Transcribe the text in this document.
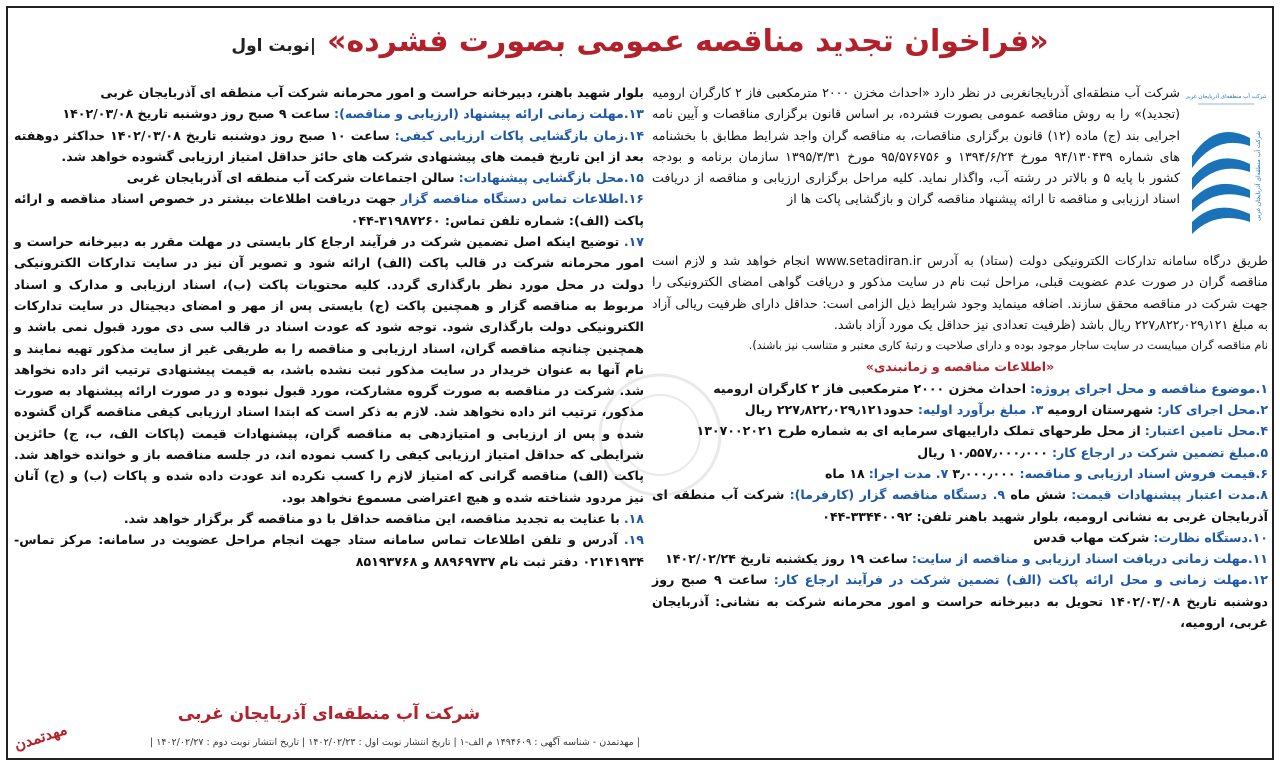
«فراخوان تجدید مناقصه عمومی بصورت فشرده» |نوبت اول
شرکت آب منطقه‌ای آذربایجان غربی
شرکت آب منطقه‌ای آذربایجان غربی

شرکت آب منطقه‌ای آذربایجانغربی در نظر دارد «احداث مخزن ۲۰۰۰ مترمکعبی فاز ۲ کارگران ارومیه (تجدید)» را به روش مناقصه عمومی بصورت فشرده، بر اساس قانون برگزاری مناقصات و آیین نامه اجرایی بند (ج) ماده (۱۲) قانون برگزاری مناقصات، به مناقصه گران واجد شرایط مطابق با بخشنامه های شماره ۹۴/۱۳۰۴۳۹ مورخ ۱۳۹۴/۶/۲۴ و ۹۵/۵۷۶۷۵۶ مورخ ۱۳۹۵/۳/۳۱ سازمان برنامه و بودجه کشور با پایه ۵ و بالاتر در رشته آب، واگذار نماید. کلیه مراحل برگزاری ارزیابی و مناقصه از دریافت اسناد ارزیابی و مناقصه تا ارائه پیشنهاد مناقصه گران و بازگشایی پاکت ها از

طریق درگاه سامانه تدارکات الکترونیکی دولت (ستاد) به آدرس www.setadiran.ir انجام خواهد شد و لازم است مناقصه گران در صورت عدم عضویت قبلی، مراحل ثبت نام در سایت مذکور و دریافت گواهی امضای الکترونیکی را جهت شرکت در مناقصه محقق سازند. اضافه مینماید وجود شرایط ذیل الزامی است: حداقل دارای ظرفیت ریالی آزاد به مبلغ ۲۲۷٫۸۲۲٫۰۲۹٫۱۲۱ ریال باشد (ظرفیت تعدادی نیز حداقل یک مورد آزاد باشد.

نام مناقصه گران میبایست در سایت ساجار موجود بوده و دارای صلاحیت و رتبهٔ کاری معتبر و متناسب نیز باشند).

«اطلاعات مناقصه و زمانبندی»

۱.موضوع مناقصه و محل اجرای پروژه: احداث مخزن ۲۰۰۰ مترمکعبی فاز ۲ کارگران ارومیه

۲.محل اجرای کار: شهرستان ارومیه ۳. مبلغ برآورد اولیه: حدود۲۲۷٫۸۲۲٫۰۲۹٫۱۲۱ ریال

۴.محل تامین اعتبار: از محل طرحهای تملک داراییهای سرمایه ای به شماره طرح ۱۳۰۷۰۰۲۰۲۱

۵.مبلغ تضمین شرکت در ارجاع کار: ۱۰٫۵۵۷٫۰۰۰٫۰۰۰ ریال

۶.قیمت فروش اسناد ارزیابی و مناقصه: ۳٫۰۰۰٫۰۰۰ ۷. مدت اجرا: ۱۸ ماه

۸.مدت اعتبار پیشنهادات قیمت: شش ماه ۹. دستگاه مناقصه گزار (کارفرما): شرکت آب منطقه ای آذربایجان غربی به نشانی ارومیه، بلوار شهید باهنر تلفن: ۳۳۴۴۰۰۹۲-۰۴۴

۱۰.دستگاه نظارت: شرکت مهاب قدس

۱۱.مهلت زمانی دریافت اسناد ارزیابی و مناقصه از سایت: ساعت ۱۹ روز یکشنبه تاریخ ۱۴۰۲/۰۲/۲۴

۱۲.مهلت زمانی و محل ارائه پاکت (الف) تضمین شرکت در فرآیند ارجاع کار: ساعت ۹ صبح روز دوشنبه تاریخ ۱۴۰۲/۰۳/۰۸ تحویل به دبیرخانه حراست و امور محرمانه شرکت به نشانی: آذربایجان غربی، ارومیه،

بلوار شهید باهنر، دبیرخانه حراست و امور محرمانه شرکت آب منطقه ای آذربایجان غربی

۱۳.مهلت زمانی ارائه پیشنهاد (ارزیابی و مناقصه): ساعت ۹ صبح روز دوشنبه تاریخ ۱۴۰۲/۰۳/۰۸

۱۴.زمان بازگشایی پاکات ارزیابی کیفی: ساعت ۱۰ صبح روز دوشنبه تاریخ ۱۴۰۲/۰۳/۰۸ حداکثر دوهفته بعد از این تاریخ قیمت های پیشنهادی شرکت های حائز حداقل امتیاز ارزیابی گشوده خواهد شد.

۱۵.محل بازگشایی پیشنهادات: سالن اجتماعات شرکت آب منطقه ای آذربایجان غربی

۱۶.اطلاعات تماس دستگاه مناقصه گزار جهت دریافت اطلاعات بیشتر در خصوص اسناد مناقصه و ارائه پاکت (الف): شماره تلفن تماس: ۳۱۹۸۷۲۶۰-۰۴۴

۱۷. توضیح اینکه اصل تضمین شرکت در فرآیند ارجاع کار بایستی در مهلت مقرر به دبیرخانه حراست و امور محرمانه شرکت در قالب پاکت (الف) ارائه شود و تصویر آن نیز در سایت تدارکات الکترونیکی دولت در محل مورد نظر بارگذاری گردد. کلیه محتویات پاکت (ب)، اسناد ارزیابی و مدارک و اسناد مربوط به مناقصه گزار و همچنین پاکت (ج) بایستی پس از مهر و امضای دیجیتال در سایت تدارکات الکترونیکی دولت بارگذاری شود. توجه شود که عودت اسناد در قالب سی دی مورد قبول نمی باشد و همچنین چنانچه مناقصه گران، اسناد ارزیابی و مناقصه را به طریقی غیر از سایت مذکور تهیه نمایند و نام آنها به عنوان خریدار در سایت مذکور ثبت نشده باشد، به قیمت پیشنهادی ترتیب اثر داده نخواهد شد. شرکت در مناقصه به صورت گروه مشارکت، مورد قبول نبوده و در صورت ارائه پیشنهاد به صورت مذکور، ترتیب اثر داده نخواهد شد. لازم به ذکر است که ابتدا اسناد ارزیابی کیفی مناقصه گران گشوده شده و پس از ارزیابی و امتیازدهی به مناقصه گران، پیشنهادات قیمت (پاکات الف، ب، ج) حائزین شرایطی که حداقل امتیاز ارزیابی کیفی را کسب نموده اند، در جلسه مناقصه باز و خوانده خواهد شد. پاکت (الف) مناقصه گرانی که امتیاز لازم را کسب نکرده اند عودت داده شده و پاکات (ب) و (ج) آنان نیز مردود شناخته شده و هیچ اعتراضی مسموع نخواهد بود.

۱۸. با عنایت به تجدید مناقصه، این مناقصه حداقل با دو مناقصه گر برگزار خواهد شد.

۱۹. آدرس و تلفن اطلاعات تماس سامانه ستاد جهت انجام مراحل عضویت در سامانه: مرکز تماس- ۰۲۱۴۱۹۳۴ دفتر ثبت نام ۸۸۹۶۹۷۳۷ و ۸۵۱۹۳۷۶۸

شرکت آب منطقه‌ای آذربایجان غربی
| مهدتمدن - شناسه آگهی : ۱۴۹۴۶۰۹ م الف-۱ | تاریخ انتشار نوبت اول : ۱۴۰۲/۰۲/۲۳ | تاریخ انتشار نوبت دوم : ۱۴۰۲/۰۲/۲۷ |
مهدتمدن
